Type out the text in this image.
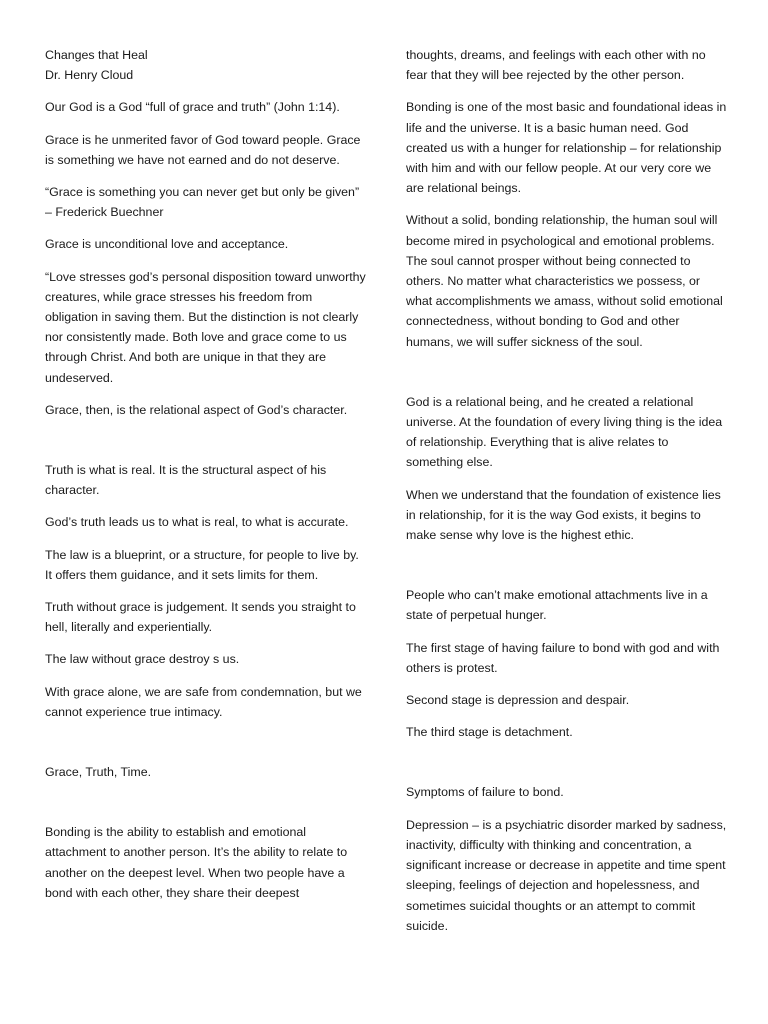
Changes that Heal
Dr. Henry Cloud

Our God is a God “full of grace and truth” (John 1:14).

Grace is he unmerited favor of God toward people. Grace is something we have not earned and do not deserve.

“Grace is something you can never get but only be given” – Frederick Buechner

Grace is unconditional love and acceptance.

“Love stresses god’s personal disposition toward unworthy creatures, while grace stresses his freedom from obligation in saving them. But the distinction is not clearly nor consistently made. Both love and grace come to us through Christ. And both are unique in that they are undeserved.

Grace, then, is the relational aspect of God’s character.

Truth is what is real. It is the structural aspect of his character.

God’s truth leads us to what is real, to what is accurate.

The law is a blueprint, or a structure, for people to live by. It offers them guidance, and it sets limits for them.

Truth without grace is judgement. It sends you straight to hell, literally and experientially.

The law without grace destroy s us.

With grace alone, we are safe from condemnation, but we cannot experience true intimacy.

Grace, Truth, Time.

Bonding is the ability to establish and emotional attachment to another person. It’s the ability to relate to another on the deepest level. When two people have a bond with each other, they share their deepest

thoughts, dreams, and feelings with each other with no fear that they will bee rejected by the other person.

Bonding is one of the most basic and foundational ideas in life and the universe. It is a basic human need. God created us with a hunger for relationship – for relationship with him and with our fellow people. At our very core we are relational beings.

Without a solid, bonding relationship, the human soul will become mired in psychological and emotional problems. The soul cannot prosper without being connected to others. No matter what characteristics we possess, or what accomplishments we amass, without solid emotional connectedness, without bonding to God and other humans, we will suffer sickness of the soul.

God is a relational being, and he created a relational universe. At the foundation of every living thing is the idea of relationship. Everything that is alive relates to something else.

When we understand that the foundation of existence lies in relationship, for it is the way God exists, it begins to make sense why love is the highest ethic.

People who can’t make emotional attachments live in a state of perpetual hunger.

The first stage of having failure to bond with god and with others is protest.

Second stage is depression and despair.

The third stage is detachment.

Symptoms of failure to bond.

Depression – is a psychiatric disorder marked by sadness, inactivity, difficulty with thinking and concentration, a significant increase or decrease in appetite and time spent sleeping, feelings of dejection and hopelessness, and sometimes suicidal thoughts or an attempt to commit suicide.
